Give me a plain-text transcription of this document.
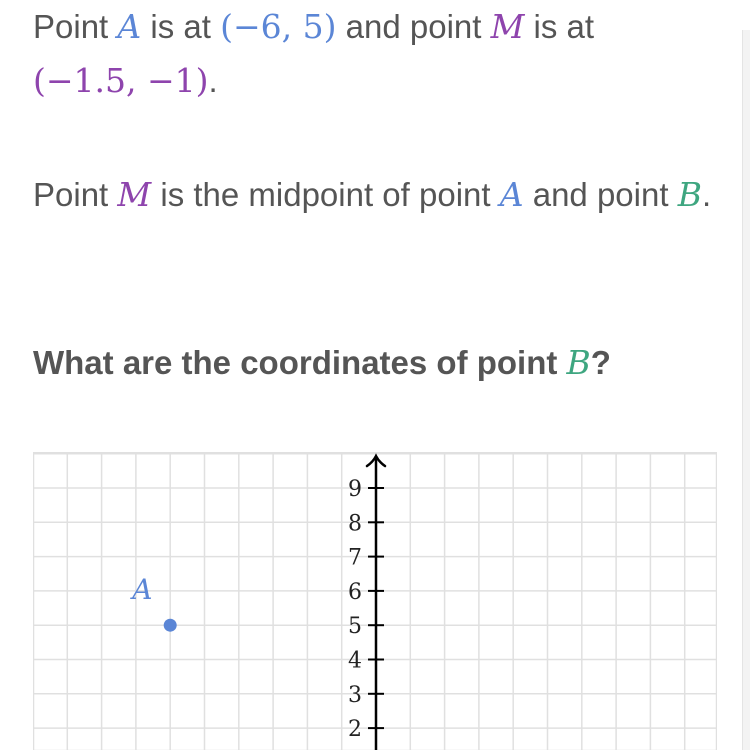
Point A is at (−6, 5) and point M is at
(−1.5, −1).
Point M is the midpoint of point A and point B.
What are the coordinates of point B?
9
8
7
6
5
4
3
2
A
